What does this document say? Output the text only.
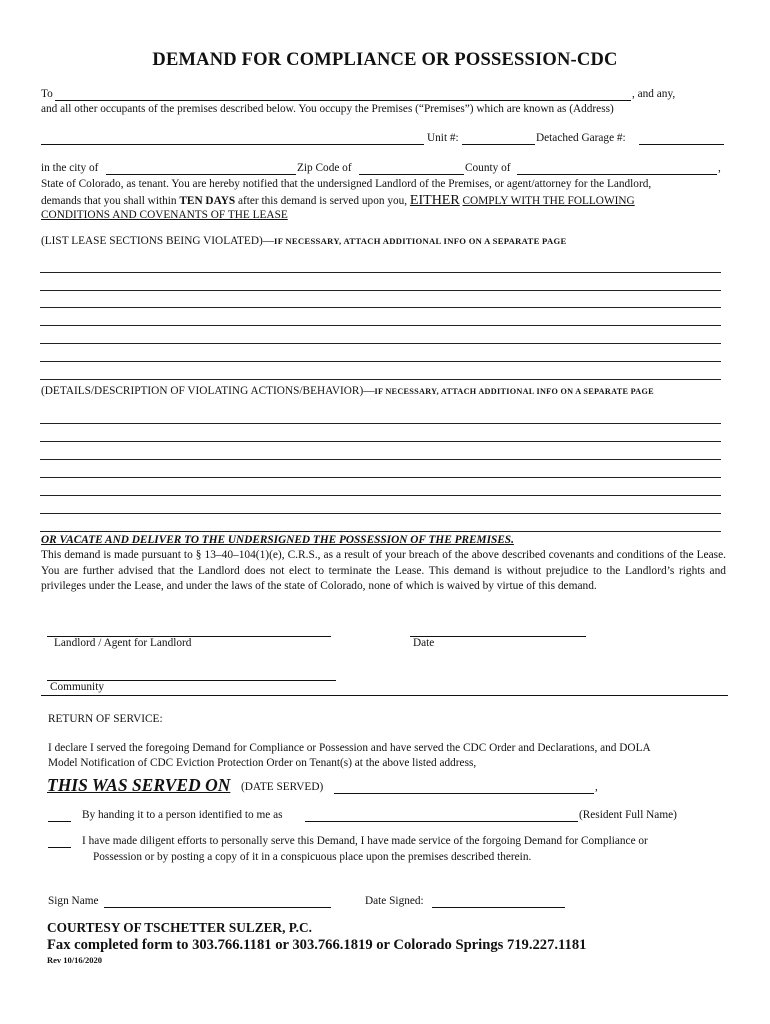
DEMAND FOR COMPLIANCE OR POSSESSION-CDC
To	, and any,
and all other occupants of the premises described below. You occupy the Premises (“Premises”) which are known as (Address)
Unit #:	Detached Garage #:
in the city of	Zip Code of	County of	,
State of Colorado, as tenant. You are hereby notified that the undersigned Landlord of the Premises, or agent/attorney for the Landlord,
demands that you shall within TEN DAYS after this demand is served upon you, EITHER COMPLY WITH THE FOLLOWING
CONDITIONS AND COVENANTS OF THE LEASE
(LIST LEASE SECTIONS BEING VIOLATED)—IF NECESSARY, ATTACH ADDITIONAL INFO ON A SEPARATE PAGE
(DETAILS/DESCRIPTION OF VIOLATING ACTIONS/BEHAVIOR)—IF NECESSARY, ATTACH ADDITIONAL INFO ON A SEPARATE PAGE
OR VACATE AND DELIVER TO THE UNDERSIGNED THE POSSESSION OF THE PREMISES.
This demand is made pursuant to § 13–40–104(1)(e), C.R.S., as a result of your breach of the above described covenants and conditions of the Lease. You are further advised that the Landlord does not elect to terminate the Lease. This demand is without prejudice to the Landlord’s rights and privileges under the Lease, and under the laws of the state of Colorado, none of which is waived by virtue of this demand.
Landlord / Agent for Landlord	Date
Community
RETURN OF SERVICE:
I declare I served the foregoing Demand for Compliance or Possession and have served the CDC Order and Declarations, and DOLA
Model Notification of CDC Eviction Protection Order on Tenant(s) at the above listed address,
THIS WAS SERVED ON (DATE SERVED)	,
By handing it to a person identified to me as	(Resident Full Name)
I have made diligent efforts to personally serve this Demand, I have made service of the forgoing Demand for Compliance or
Possession or by posting a copy of it in a conspicuous place upon the premises described therein.
Sign Name	Date Signed:
COURTESY OF TSCHETTER SULZER, P.C.
Fax completed form to 303.766.1181 or 303.766.1819 or Colorado Springs 719.227.1181
Rev 10/16/2020
